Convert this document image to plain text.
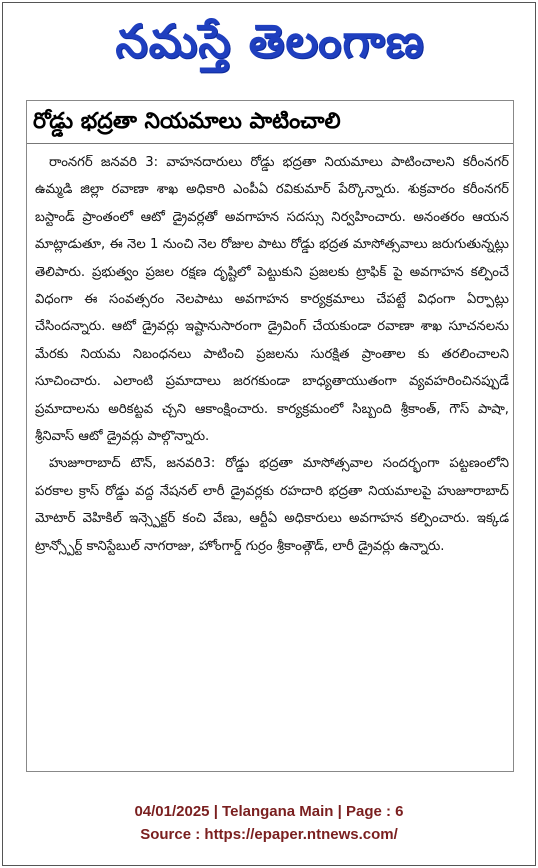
నమస్తే తెలంగాణ
రోడ్డు భద్రతా నియమాలు పాటించాలి

రాంనగర్ జనవరి 3: వాహనదారులు రోడ్డు భద్రతా నియమాలు పాటించాలని కరీంనగర్ ఉమ్మడి జిల్లా రవాణా శాఖ అధికారి ఎంపీఏ రవికుమార్ పేర్కొన్నారు. శుక్రవారం కరీంనగర్ బస్టాండ్ ప్రాంతంలో ఆటో డ్రైవర్లతో అవగాహన సదస్సు నిర్వహించారు. అనంతరం ఆయన మాట్లాడుతూ, ఈ నెల 1 నుంచి నెల రోజుల పాటు రోడ్డు భద్రత మాసోత్సవాలు జరుగుతున్నట్లు తెలిపారు. ప్రభుత్వం ప్రజల రక్షణ దృష్టిలో పెట్టుకుని ప్రజలకు ట్రాఫిక్ పై అవగాహన కల్పించే విధంగా ఈ సంవత్సరం నెలపాటు అవగాహన కార్యక్రమాలు చేపట్టే విధంగా ఏర్పాట్లు చేసిందన్నారు. ఆటో డ్రైవర్లు ఇష్టానుసారంగా డ్రైవింగ్ చేయకుండా రవాణా శాఖ సూచనలను మేరకు నియమ నిబంధనలు పాటించి ప్రజలను సురక్షిత ప్రాంతాల కు తరలించాలని సూచించారు. ఎలాంటి ప్రమాదాలు జరగకుండా బాధ్యతాయుతంగా వ్యవహరించినప్పుడే ప్రమాదాలను అరికట్టవ చ్చని ఆకాంక్షించారు. కార్యక్రమంలో సిబ్బంది శ్రీకాంత్, గౌస్ పాషా, శ్రీనివాస్ ఆటో డ్రైవర్లు పాల్గొన్నారు.

హుజూరాబాద్ టౌన్, జనవరి3: రోడ్డు భద్రతా మాసోత్సవాల సందర్భంగా పట్టణంలోని పరకాల క్రాస్ రోడ్డు వద్ద నేషనల్ లారీ డ్రైవర్లకు రహదారి భద్రతా నియమాలపై హుజూరాబాద్ మోటార్ వెహికిల్ ఇన్స్పెక్టర్ కంచి వేణు, ఆర్టీఏ అధికారులు అవగాహన కల్పించారు. ఇక్కడ ట్రాన్స్పోర్ట్ కానిస్టేబుల్ నాగరాజు, హోంగార్డ్ గుర్రం శ్రీకాంత్గౌడ్, లారీ డ్రైవర్లు ఉన్నారు.

04/01/2025 | Telangana Main | Page : 6
Source : https://epaper.ntnews.com/
